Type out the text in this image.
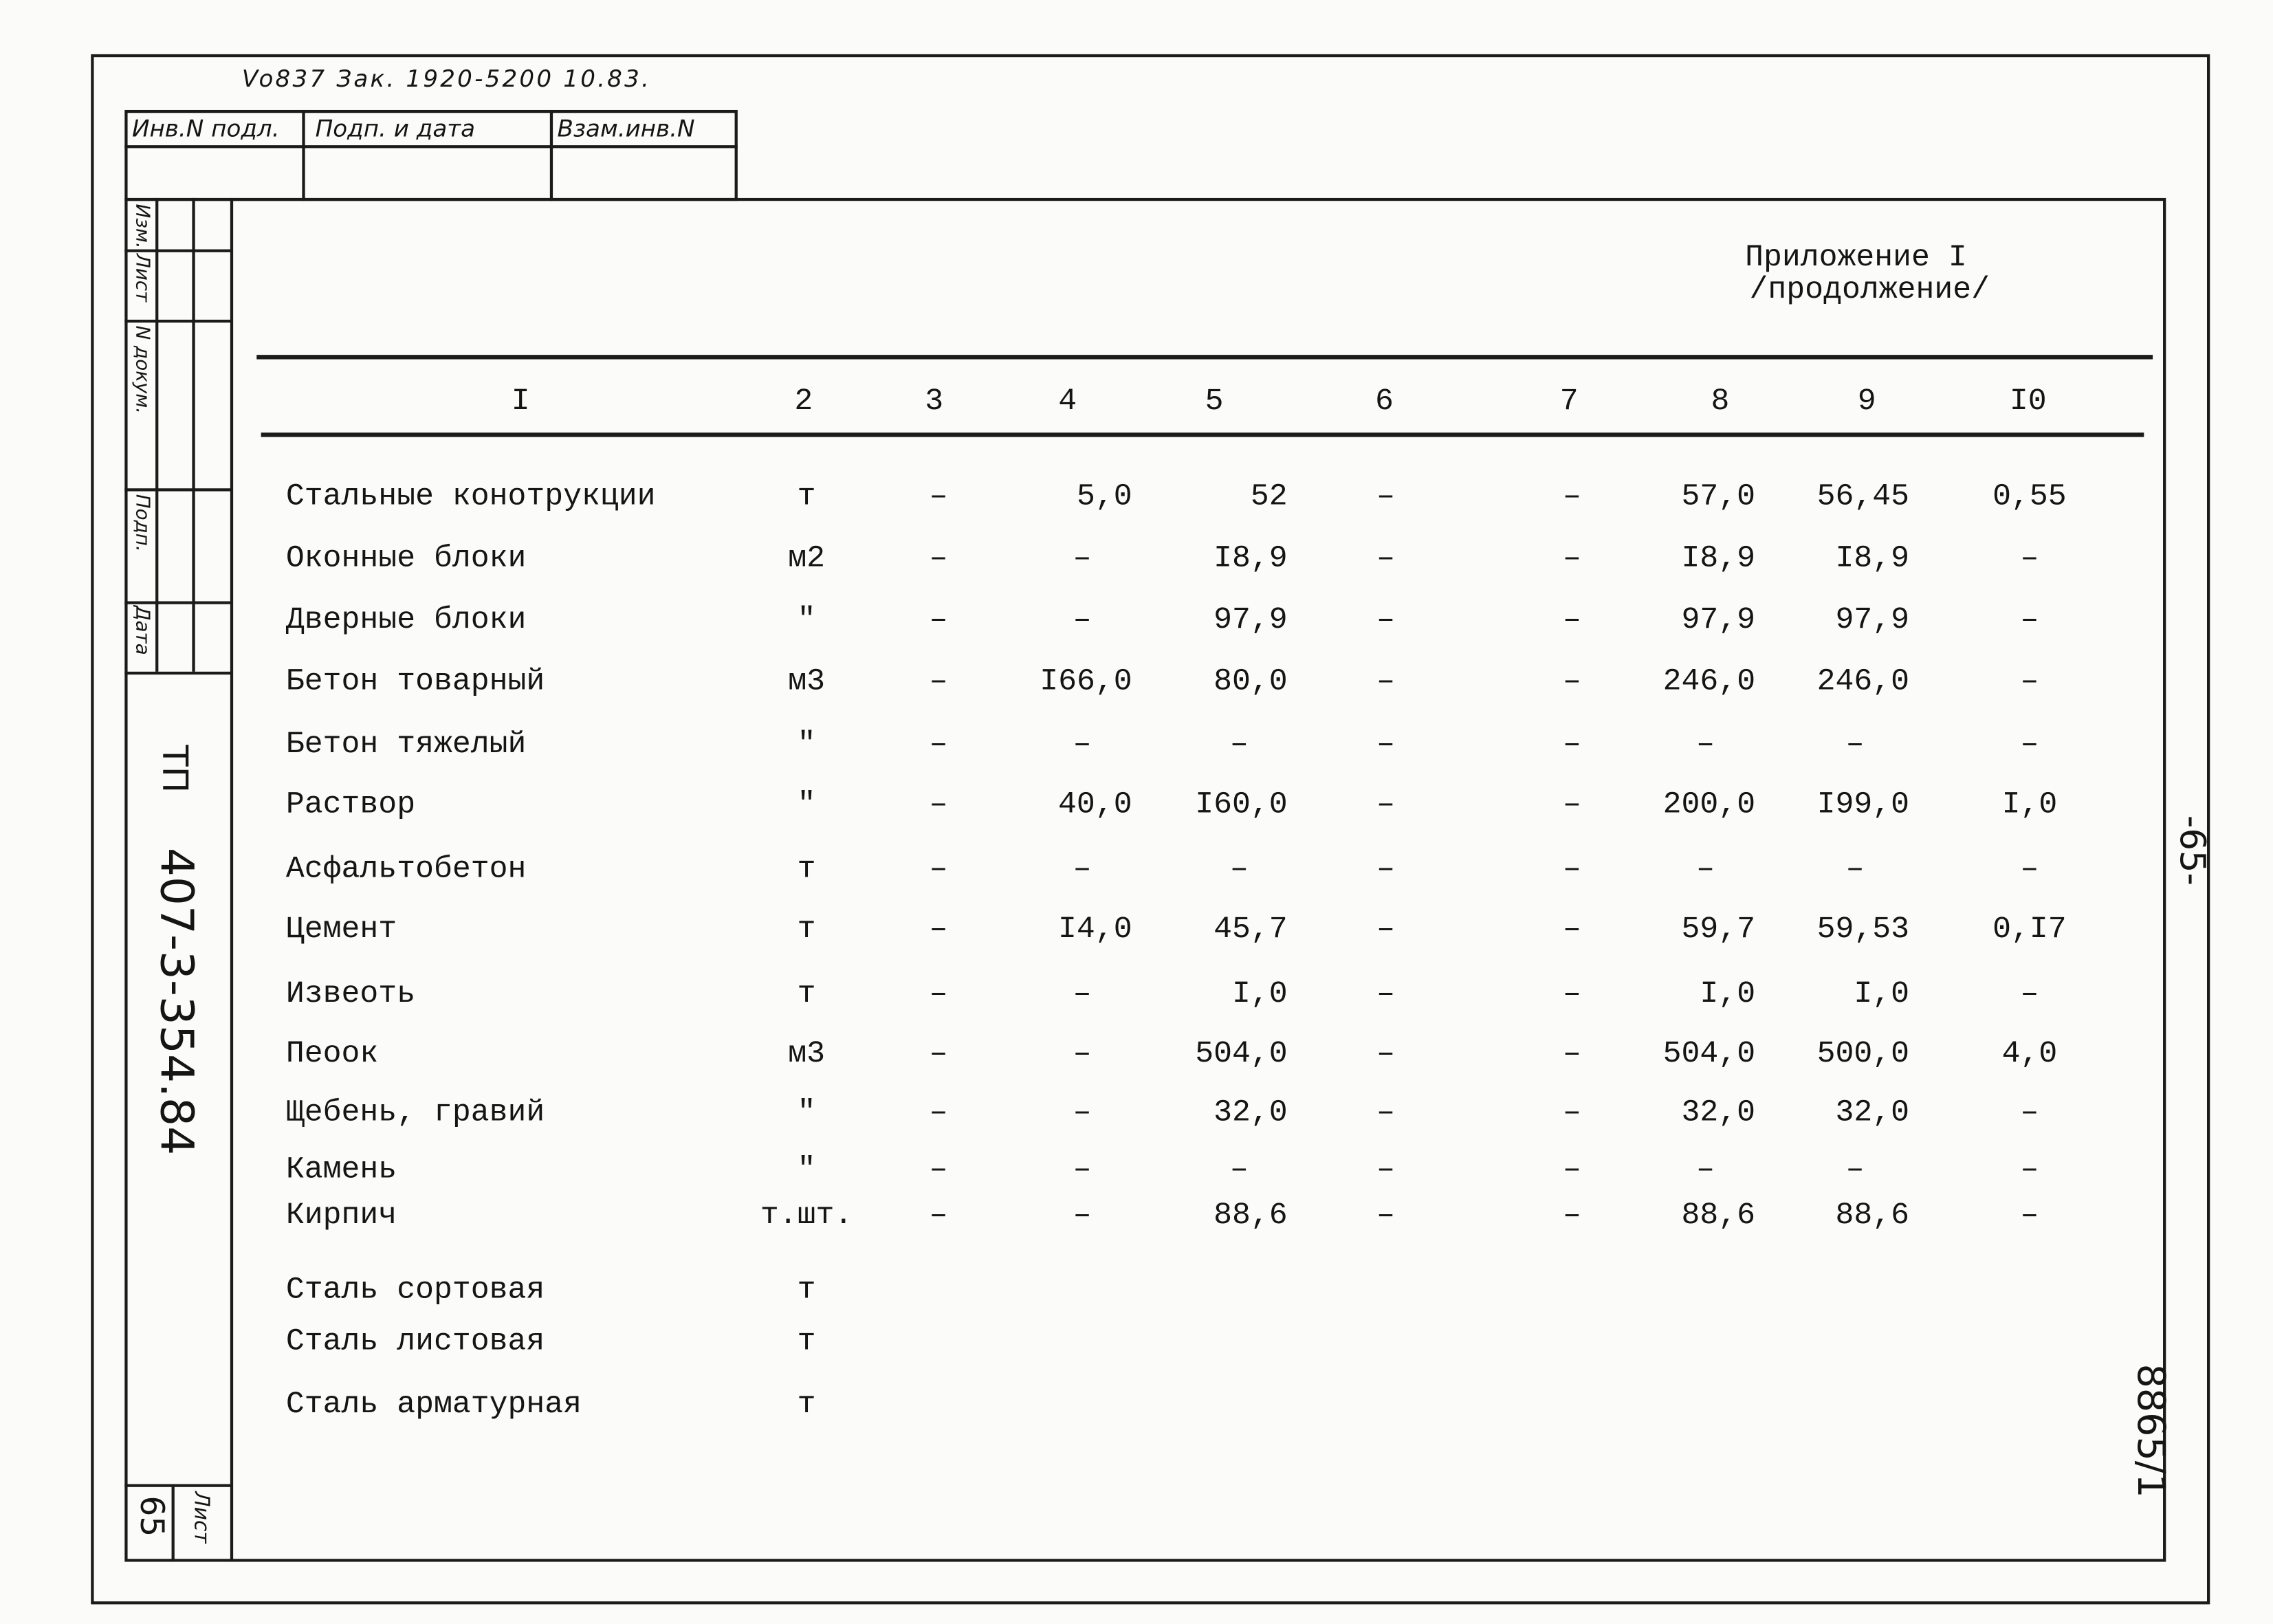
Vo837 Зак. 1920-5200 10.83.
Инв.N подл.	Подп. и дата	Взам.инв.N
Изм.
Лист
N докум.
Подп.
Дата
ТП
407-3-354.84
65	Лист
-65-
8865/1
Приложение I
/продолжение/
I	2	3	4	5	6	7	8	9	I0
Стальные конотрукции	т	–	5,0	52	–	–	57,0	56,45	0,55
Оконные блоки	м2	–	–	I8,9	–	–	I8,9	I8,9	–
Дверные блоки	"	–	–	97,9	–	–	97,9	97,9	–
Бетон товарный	м3	–	I66,0	80,0	–	–	246,0	246,0	–
Бетон тяжелый	"	–	–	–	–	–	–	–	–
Раствор	"	–	40,0	I60,0	–	–	200,0	I99,0	I,0
Асфальтобетон	т	–	–	–	–	–	–	–	–
Цемент	т	–	I4,0	45,7	–	–	59,7	59,53	0,I7
Извеоть	т	–	–	I,0	–	–	I,0	I,0	–
Пеоок	м3	–	–	504,0	–	–	504,0	500,0	4,0
Щебень, гравий	"	–	–	32,0	–	–	32,0	32,0	–
Камень	"	–	–	–	–	–	–	–	–
Кирпич	т.шт.	–	–	88,6	–	–	88,6	88,6	–
Сталь сортовая	т
Сталь листовая	т
Сталь арматурная	т
